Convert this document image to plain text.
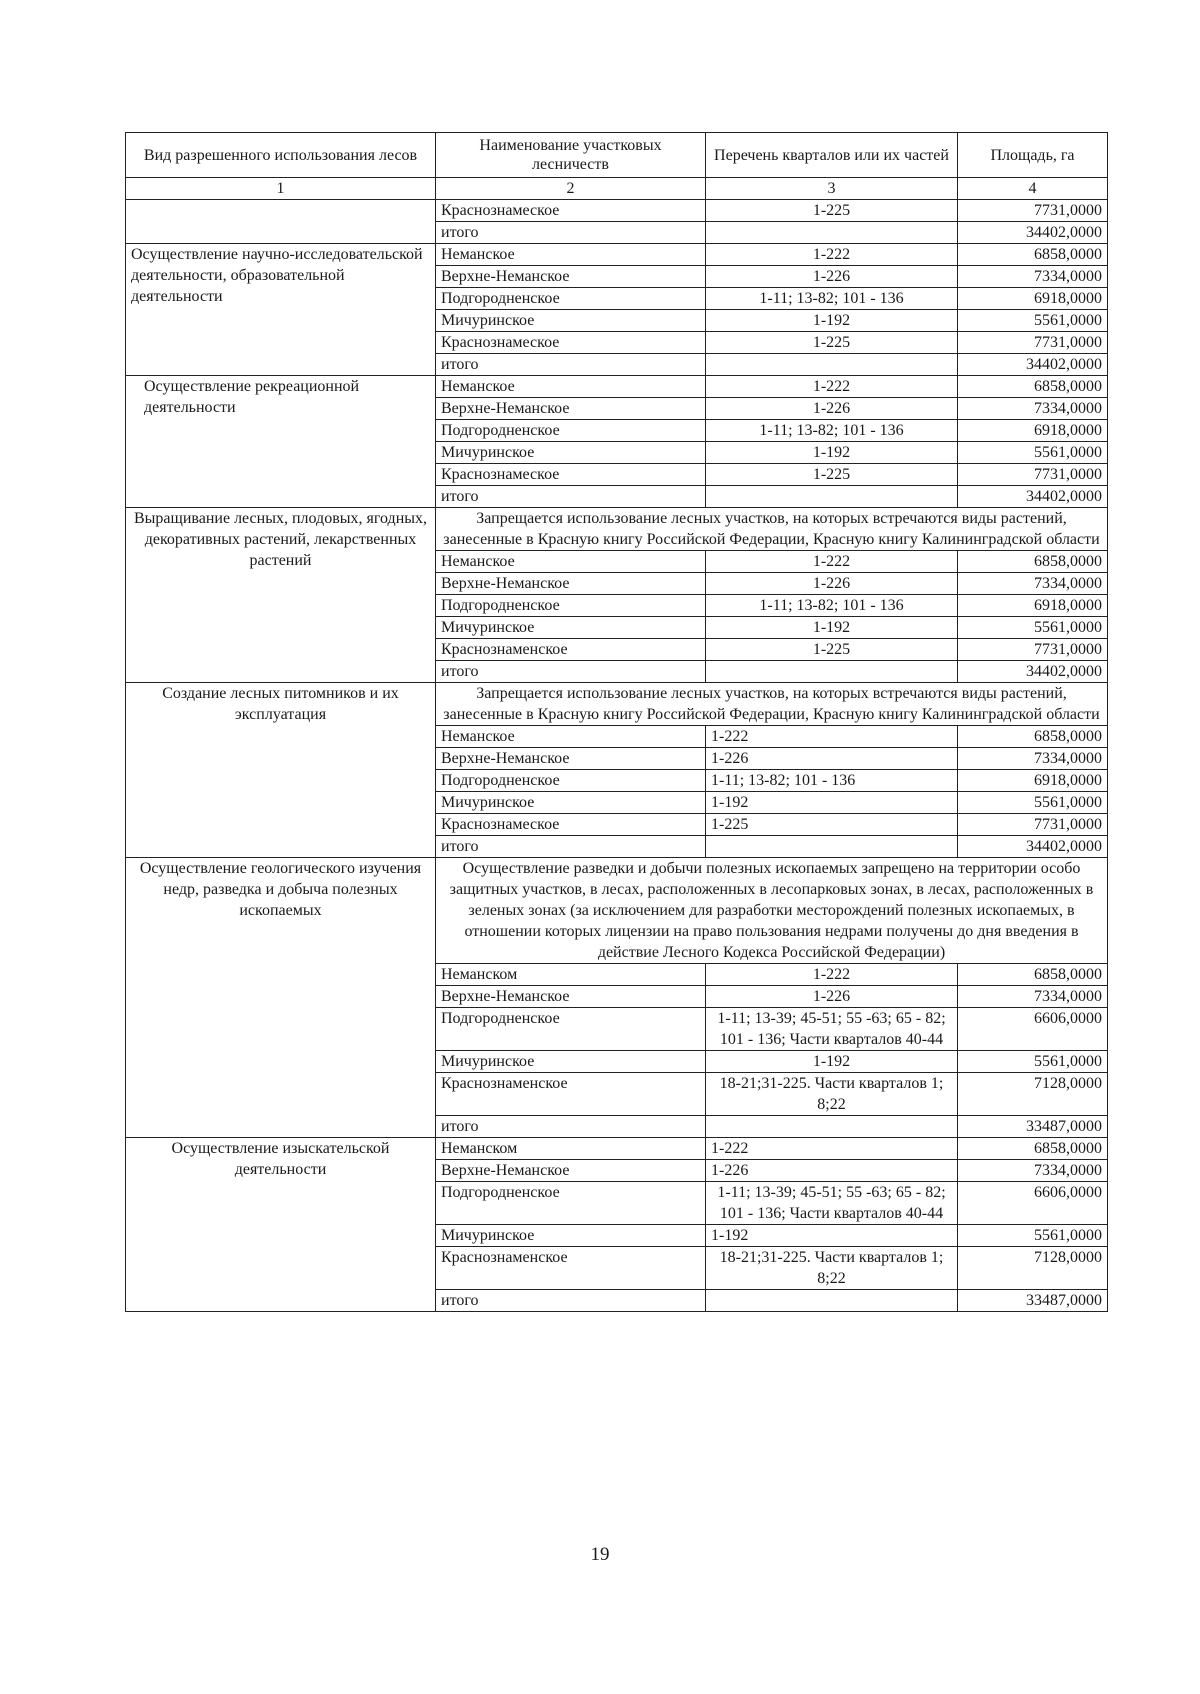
Вид разрешенного использования лесов	Наименование участковых лесничеств	Перечень кварталов или их частей	Площадь, га
1	2	3	4
	Краснознамеское	1-225	7731,0000
	итого		34402,0000
Осуществление научно-исследовательской деятельности, образовательной деятельности	Неманское	1-222	6858,0000
	Верхне-Неманское	1-226	7334,0000
	Подгородненское	1-11; 13-82; 101 - 136	6918,0000
	Мичуринское	1-192	5561,0000
	Краснознамеское	1-225	7731,0000
	итого		34402,0000
Осуществление рекреационной деятельности	Неманское	1-222	6858,0000
	Верхне-Неманское	1-226	7334,0000
	Подгородненское	1-11; 13-82; 101 - 136	6918,0000
	Мичуринское	1-192	5561,0000
	Краснознамеское	1-225	7731,0000
	итого		34402,0000
Выращивание лесных, плодовых, ягодных, декоративных растений, лекарственных растений	Запрещается использование лесных участков, на которых встречаются виды растений, занесенные в Красную книгу Российской Федерации, Красную книгу Калининградской области		
	Неманское	1-222	6858,0000
	Верхне-Неманское	1-226	7334,0000
	Подгородненское	1-11; 13-82; 101 - 136	6918,0000
	Мичуринское	1-192	5561,0000
	Краснознаменское	1-225	7731,0000
	итого		34402,0000
Создание лесных питомников и их эксплуатация	Запрещается использование лесных участков, на которых встречаются виды растений, занесенные в Красную книгу Российской Федерации, Красную книгу Калининградской области		
	Неманское	1-222	6858,0000
	Верхне-Неманское	1-226	7334,0000
	Подгородненское	1-11; 13-82; 101 - 136	6918,0000
	Мичуринское	1-192	5561,0000
	Краснознамеское	1-225	7731,0000
	итого		34402,0000
Осуществление геологического изучения недр, разведка и добыча полезных ископаемых	Осуществление разведки и добычи полезных ископаемых запрещено на территории особо защитных участков, в лесах, расположенных в лесопарковых зонах, в лесах, расположенных в зеленых зонах (за исключением для разработки месторождений полезных ископаемых, в отношении которых лицензии на право пользования недрами получены до дня введения в действие Лесного Кодекса Российской Федерации)		
	Неманском	1-222	6858,0000
	Верхне-Неманское	1-226	7334,0000
	Подгородненское	1-11; 13-39; 45-51; 55 -63; 65 - 82; 101 - 136; Части кварталов 40-44	6606,0000
	Мичуринское	1-192	5561,0000
	Краснознаменское	18-21;31-225. Части кварталов 1; 8;22	7128,0000
	итого		33487,0000
Осуществление изыскательской деятельности	Неманском	1-222	6858,0000
	Верхне-Неманское	1-226	7334,0000
	Подгородненское	1-11; 13-39; 45-51; 55 -63; 65 - 82; 101 - 136; Части кварталов 40-44	6606,0000
	Мичуринское	1-192	5561,0000
	Краснознаменское	18-21;31-225. Части кварталов 1; 8;22	7128,0000
	итого		33487,0000
19
